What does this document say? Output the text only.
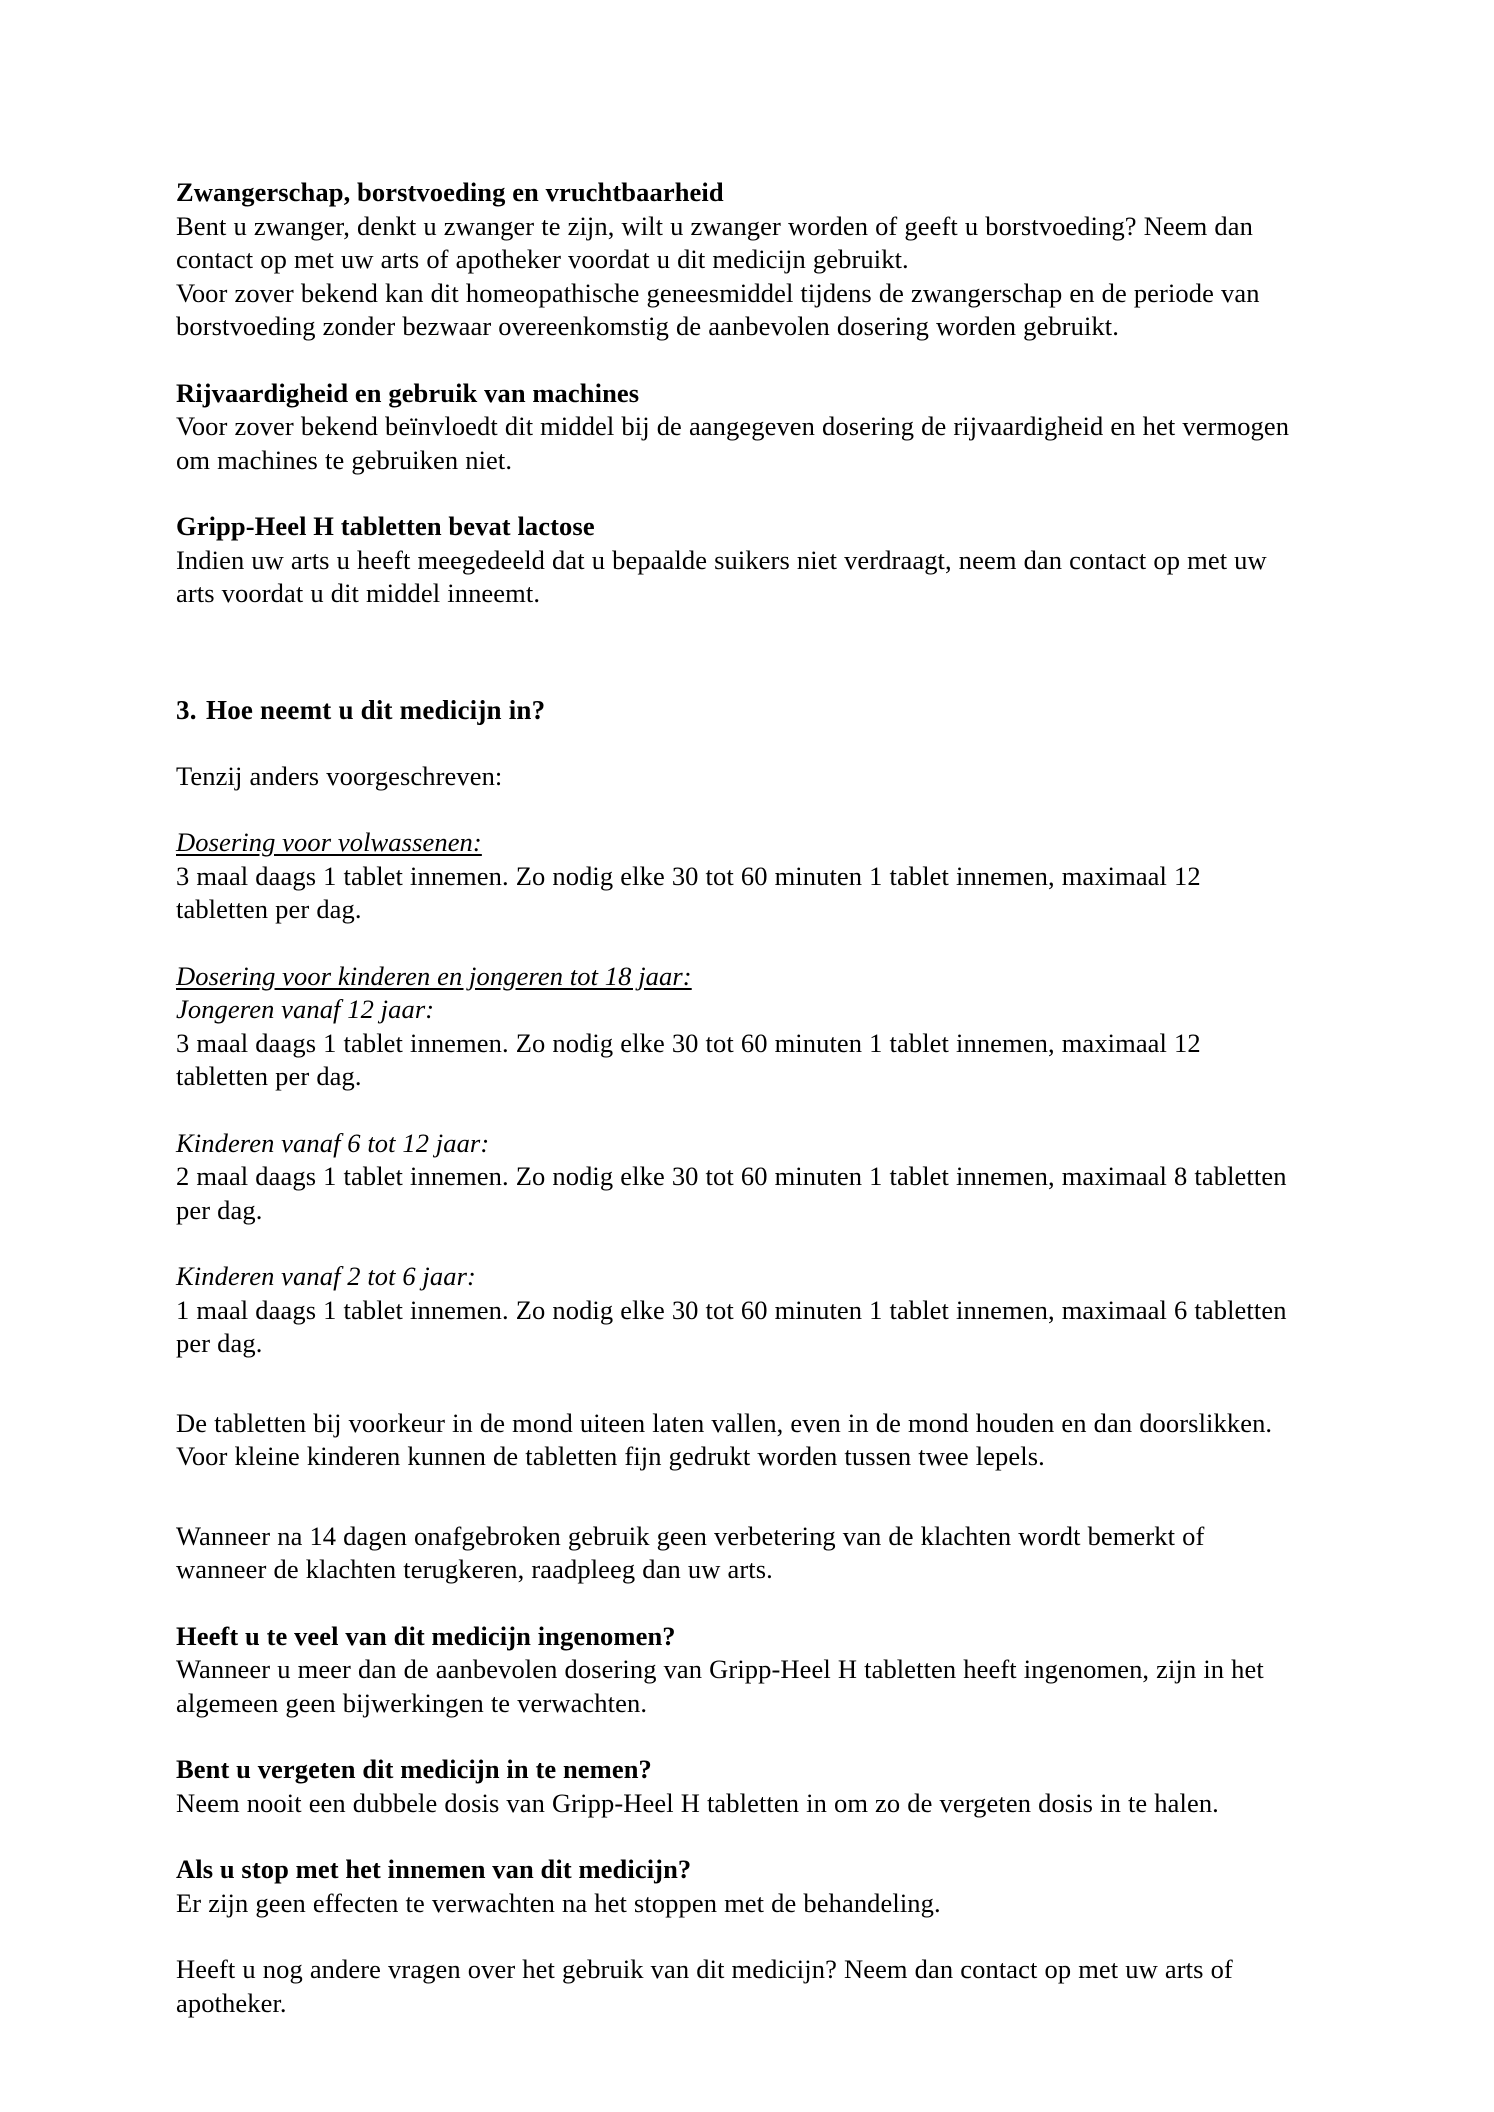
Zwangerschap, borstvoeding en vruchtbaarheid

Bent u zwanger, denkt u zwanger te zijn, wilt u zwanger worden of geeft u borstvoeding? Neem dan contact op met uw arts of apotheker voordat u dit medicijn gebruikt.

Voor zover bekend kan dit homeopathische geneesmiddel tijdens de zwangerschap en de periode van borstvoeding zonder bezwaar overeenkomstig de aanbevolen dosering worden gebruikt.

Rijvaardigheid en gebruik van machines

Voor zover bekend beïnvloedt dit middel bij de aangegeven dosering de rijvaardigheid en het vermogen om machines te gebruiken niet.

Gripp-Heel H tabletten bevat lactose

Indien uw arts u heeft meegedeeld dat u bepaalde suikers niet verdraagt, neem dan contact op met uw arts voordat u dit middel inneemt.

3. Hoe neemt u dit medicijn in?

Tenzij anders voorgeschreven:

Dosering voor volwassenen:

3 maal daags 1 tablet innemen. Zo nodig elke 30 tot 60 minuten 1 tablet innemen, maximaal 12 tabletten per dag.

Dosering voor kinderen en jongeren tot 18 jaar:

Jongeren vanaf 12 jaar:

3 maal daags 1 tablet innemen. Zo nodig elke 30 tot 60 minuten 1 tablet innemen, maximaal 12 tabletten per dag.

Kinderen vanaf 6 tot 12 jaar:

2 maal daags 1 tablet innemen. Zo nodig elke 30 tot 60 minuten 1 tablet innemen, maximaal 8 tabletten per dag.

Kinderen vanaf 2 tot 6 jaar:

1 maal daags 1 tablet innemen. Zo nodig elke 30 tot 60 minuten 1 tablet innemen, maximaal 6 tabletten per dag.

De tabletten bij voorkeur in de mond uiteen laten vallen, even in de mond houden en dan doorslikken. Voor kleine kinderen kunnen de tabletten fijn gedrukt worden tussen twee lepels.

Wanneer na 14 dagen onafgebroken gebruik geen verbetering van de klachten wordt bemerkt of wanneer de klachten terugkeren, raadpleeg dan uw arts.

Heeft u te veel van dit medicijn ingenomen?

Wanneer u meer dan de aanbevolen dosering van Gripp-Heel H tabletten heeft ingenomen, zijn in het algemeen geen bijwerkingen te verwachten.

Bent u vergeten dit medicijn in te nemen?

Neem nooit een dubbele dosis van Gripp-Heel H tabletten in om zo de vergeten dosis in te halen.

Als u stop met het innemen van dit medicijn?

Er zijn geen effecten te verwachten na het stoppen met de behandeling.

Heeft u nog andere vragen over het gebruik van dit medicijn? Neem dan contact op met uw arts of apotheker.
